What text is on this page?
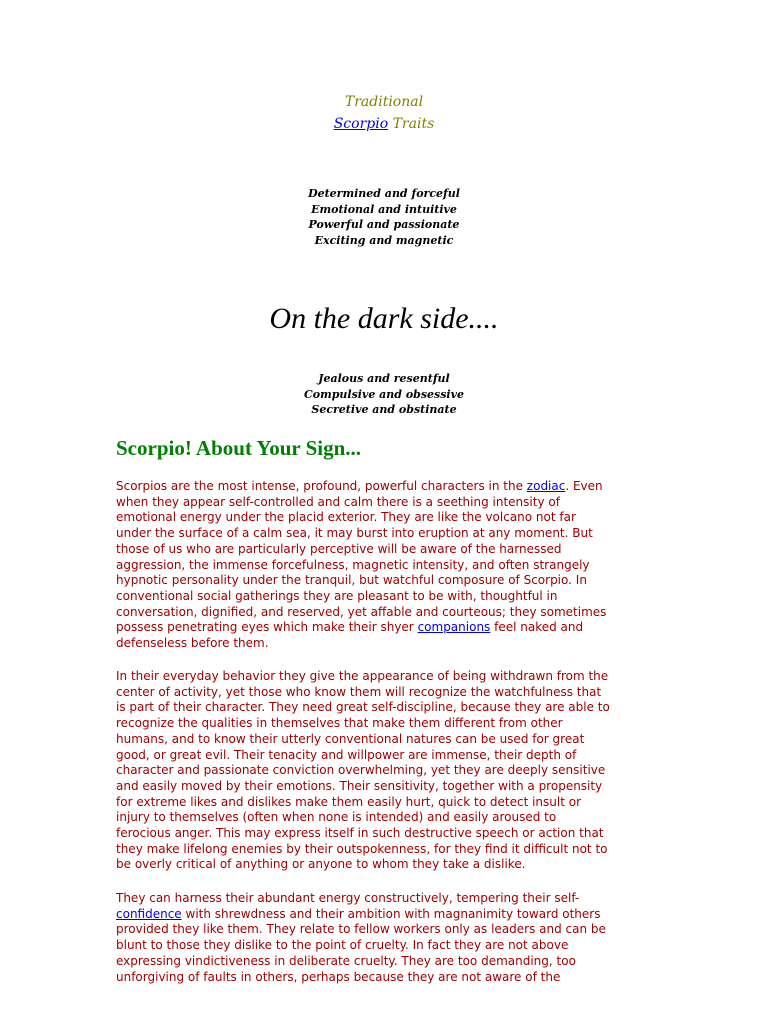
Traditional
Scorpio Traits
Determined and forceful
Emotional and intuitive
Powerful and passionate
Exciting and magnetic
On the dark side....
Jealous and resentful
Compulsive and obsessive
Secretive and obstinate
Scorpio! About Your Sign...
Scorpios are the most intense, profound, powerful characters in the zodiac. Even
when they appear self-controlled and calm there is a seething intensity of
emotional energy under the placid exterior. They are like the volcano not far
under the surface of a calm sea, it may burst into eruption at any moment. But
those of us who are particularly perceptive will be aware of the harnessed
aggression, the immense forcefulness, magnetic intensity, and often strangely
hypnotic personality under the tranquil, but watchful composure of Scorpio. In
conventional social gatherings they are pleasant to be with, thoughtful in
conversation, dignified, and reserved, yet affable and courteous; they sometimes
possess penetrating eyes which make their shyer companions feel naked and
defenseless before them.
In their everyday behavior they give the appearance of being withdrawn from the
center of activity, yet those who know them will recognize the watchfulness that
is part of their character. They need great self-discipline, because they are able to
recognize the qualities in themselves that make them different from other
humans, and to know their utterly conventional natures can be used for great
good, or great evil. Their tenacity and willpower are immense, their depth of
character and passionate conviction overwhelming, yet they are deeply sensitive
and easily moved by their emotions. Their sensitivity, together with a propensity
for extreme likes and dislikes make them easily hurt, quick to detect insult or
injury to themselves (often when none is intended) and easily aroused to
ferocious anger. This may express itself in such destructive speech or action that
they make lifelong enemies by their outspokenness, for they find it difficult not to
be overly critical of anything or anyone to whom they take a dislike.
They can harness their abundant energy constructively, tempering their self-
confidence with shrewdness and their ambition with magnanimity toward others
provided they like them. They relate to fellow workers only as leaders and can be
blunt to those they dislike to the point of cruelty. In fact they are not above
expressing vindictiveness in deliberate cruelty. They are too demanding, too
unforgiving of faults in others, perhaps because they are not aware of the
